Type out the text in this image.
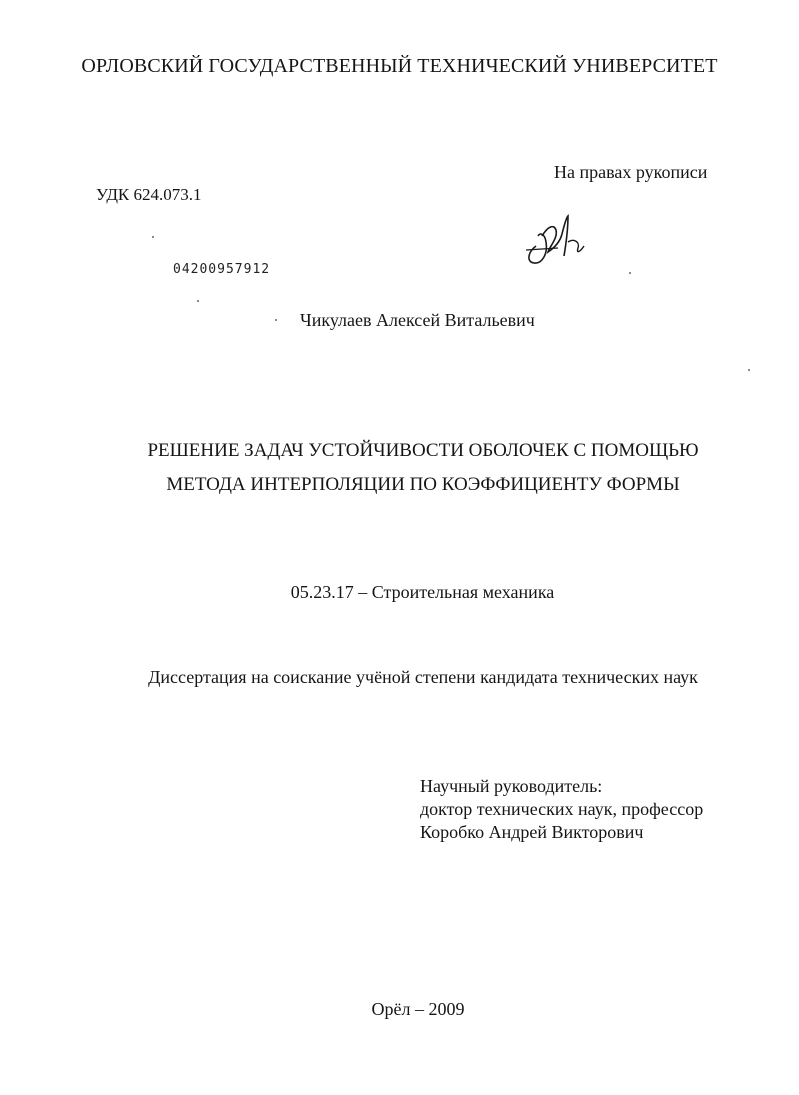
ОРЛОВСКИЙ ГОСУДАРСТВЕННЫЙ ТЕХНИЧЕСКИЙ УНИВЕРСИТЕТ
На правах рукописи
УДК 624.073.1
04200957912
Чикулаев Алексей Витальевич
РЕШЕНИЕ ЗАДАЧ УСТОЙЧИВОСТИ ОБОЛОЧЕК С ПОМОЩЬЮ
МЕТОДА ИНТЕРПОЛЯЦИИ ПО КОЭФФИЦИЕНТУ ФОРМЫ
05.23.17 – Строительная механика
Диссертация на соискание учёной степени кандидата технических наук
Научный руководитель:
доктор технических наук, профессор
Коробко Андрей Викторович
Орёл – 2009
